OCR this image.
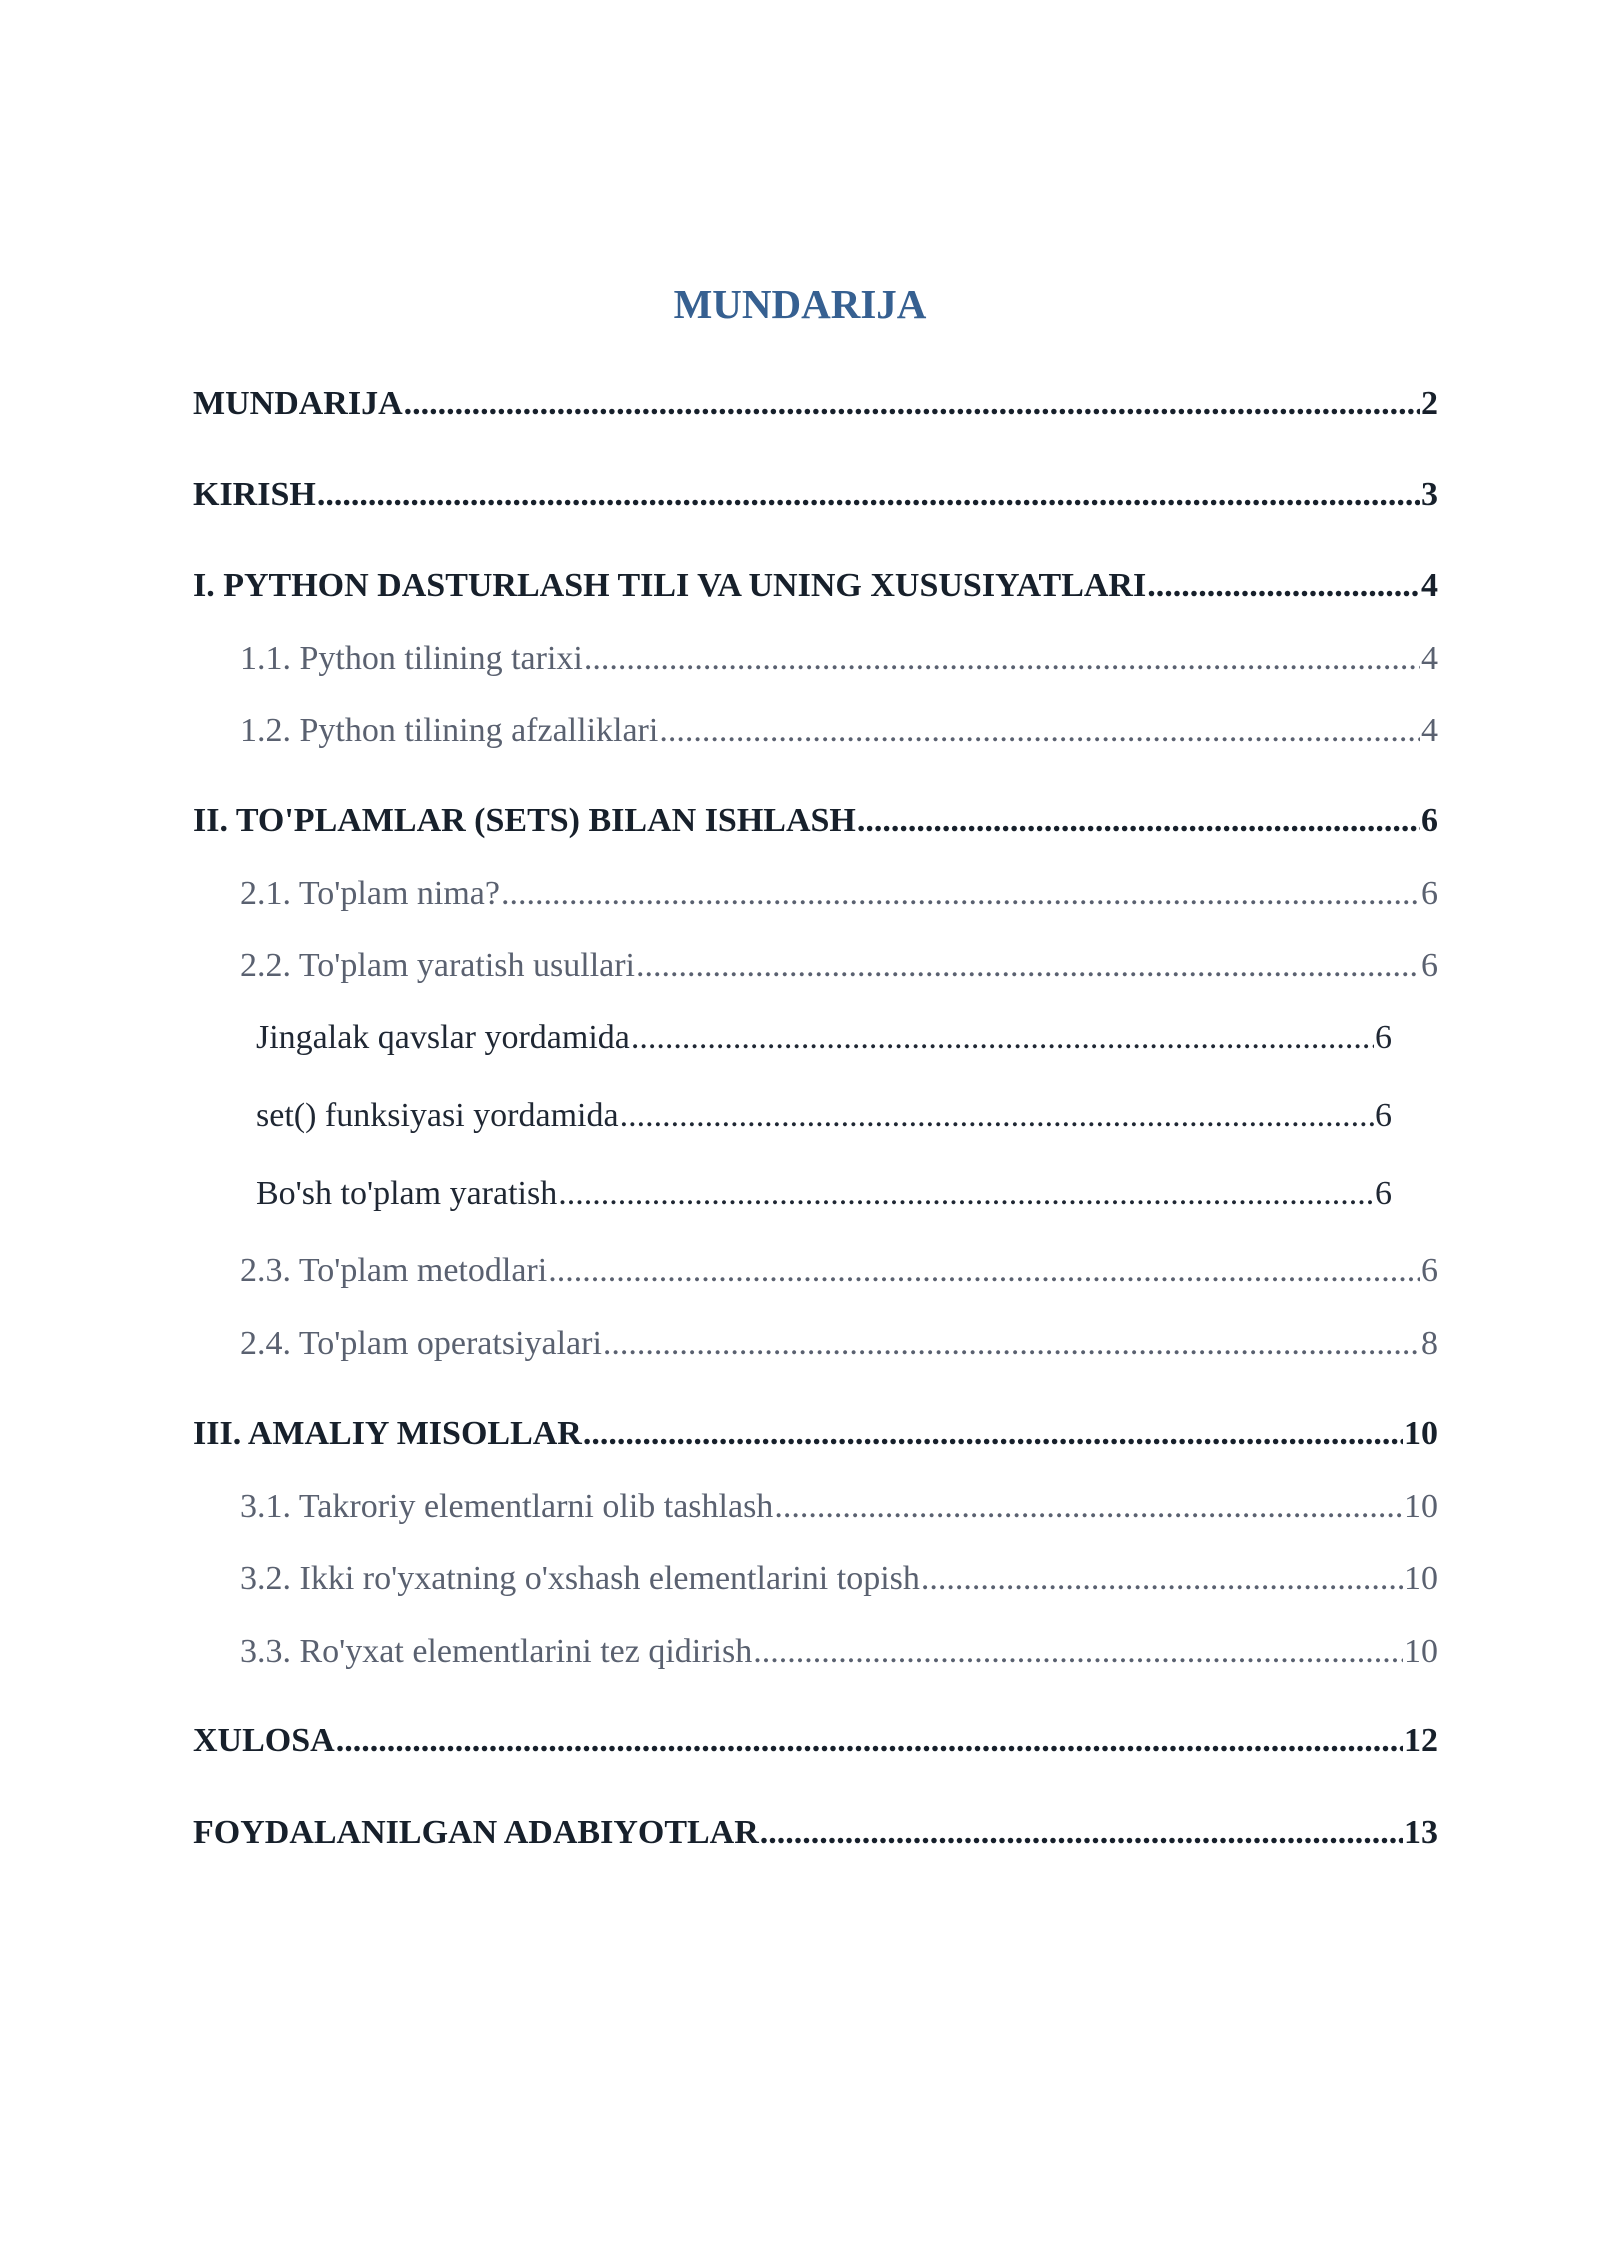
MUNDARIJA
MUNDARIJA .....	2
KIRISH .....	3
I. PYTHON DASTURLASH TILI VA UNING XUSUSIYATLARI .....	4
1.1. Python tilining tarixi .....	4
1.2. Python tilining afzalliklari .....	4
II. TO'PLAMLAR (SETS) BILAN ISHLASH .....	6
2.1. To'plam nima? .....	6
2.2. To'plam yaratish usullari .....	6
Jingalak qavslar yordamida .....	6
set() funksiyasi yordamida .....	6
Bo'sh to'plam yaratish .....	6
2.3. To'plam metodlari .....	6
2.4. To'plam operatsiyalari .....	8
III. AMALIY MISOLLAR .....	10
3.1. Takroriy elementlarni olib tashlash .....	10
3.2. Ikki ro'yxatning o'xshash elementlarini topish .....	10
3.3. Ro'yxat elementlarini tez qidirish .....	10
XULOSA .....	12
FOYDALANILGAN ADABIYOTLAR .....	13
